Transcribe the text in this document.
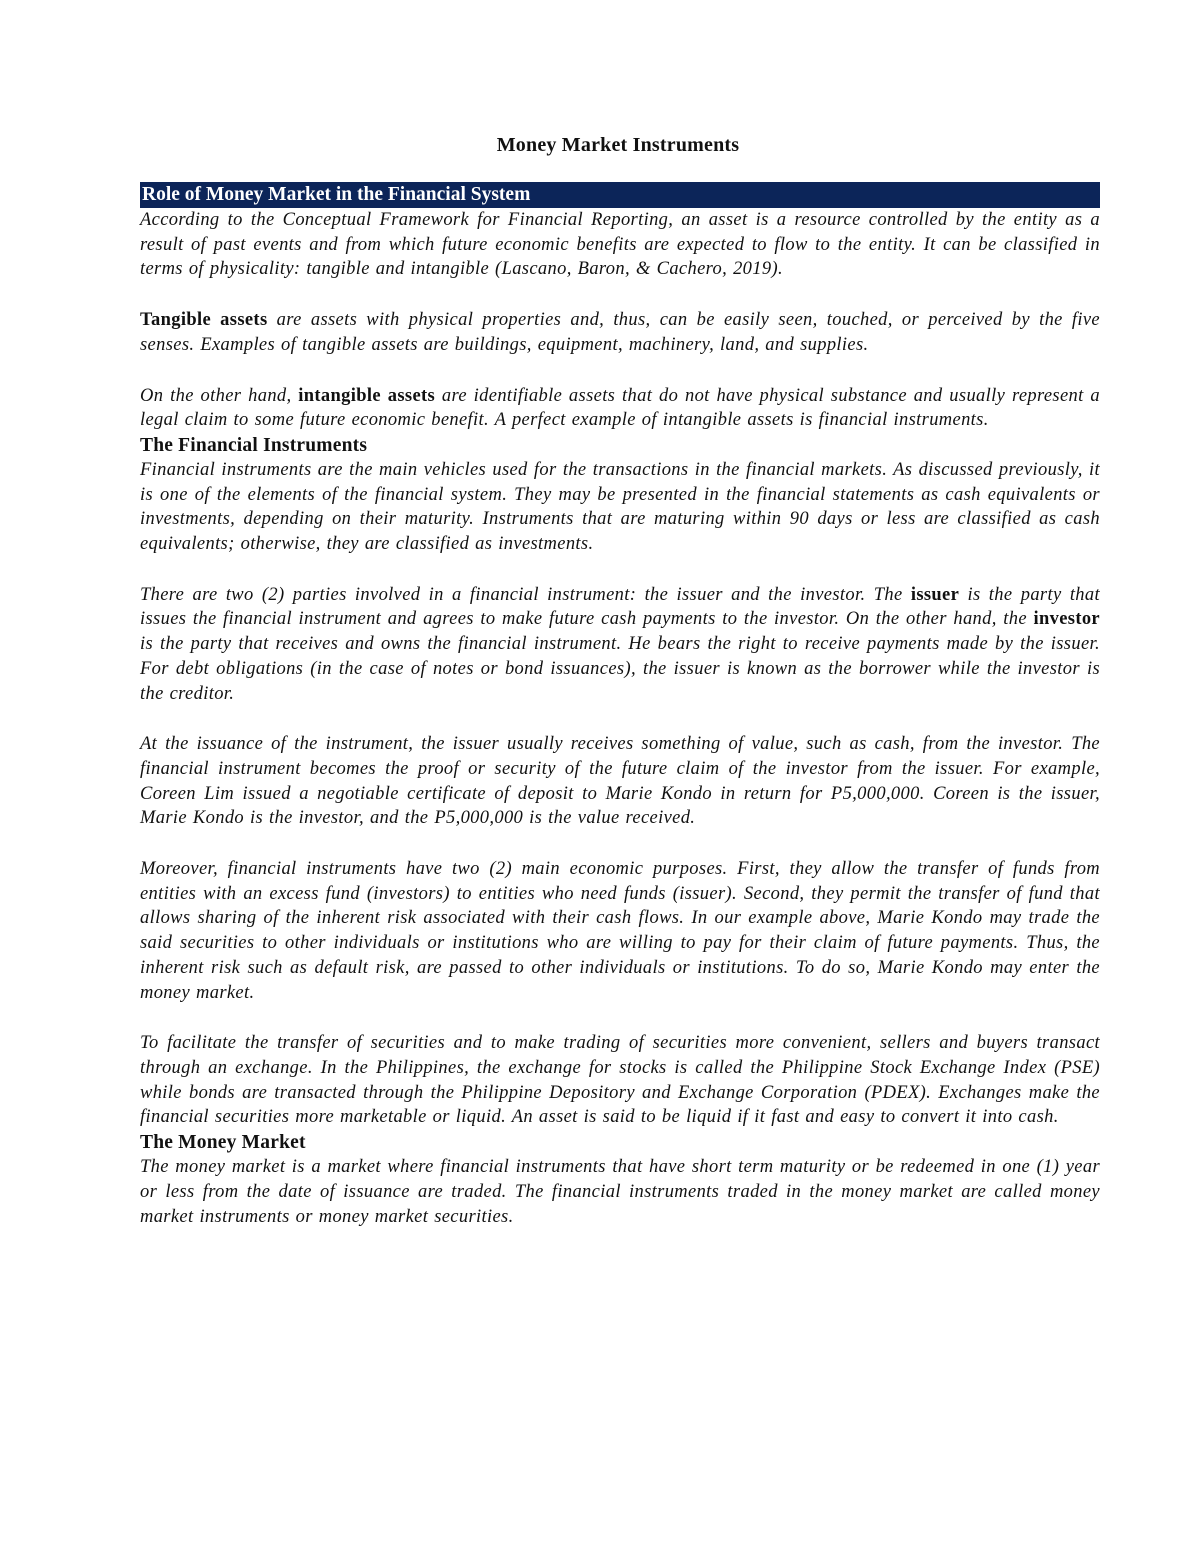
Money Market Instruments
Role of Money Market in the Financial System

According to the Conceptual Framework for Financial Reporting, an asset is a resource controlled by the entity as a result of past events and from which future economic benefits are expected to flow to the entity. It can be classified in terms of physicality: tangible and intangible (Lascano, Baron, & Cachero, 2019).

Tangible assets are assets with physical properties and, thus, can be easily seen, touched, or perceived by the five senses. Examples of tangible assets are buildings, equipment, machinery, land, and supplies.

On the other hand, intangible assets are identifiable assets that do not have physical substance and usually represent a legal claim to some future economic benefit. A perfect example of intangible assets is financial instruments.

The Financial Instruments

Financial instruments are the main vehicles used for the transactions in the financial markets. As discussed previously, it is one of the elements of the financial system. They may be presented in the financial statements as cash equivalents or investments, depending on their maturity. Instruments that are maturing within 90 days or less are classified as cash equivalents; otherwise, they are classified as investments.

There are two (2) parties involved in a financial instrument: the issuer and the investor. The issuer is the party that issues the financial instrument and agrees to make future cash payments to the investor. On the other hand, the investor is the party that receives and owns the financial instrument. He bears the right to receive payments made by the issuer. For debt obligations (in the case of notes or bond issuances), the issuer is known as the borrower while the investor is the creditor.

At the issuance of the instrument, the issuer usually receives something of value, such as cash, from the investor. The financial instrument becomes the proof or security of the future claim of the investor from the issuer. For example, Coreen Lim issued a negotiable certificate of deposit to Marie Kondo in return for P5,000,000. Coreen is the issuer, Marie Kondo is the investor, and the P5,000,000 is the value received.

Moreover, financial instruments have two (2) main economic purposes. First, they allow the transfer of funds from entities with an excess fund (investors) to entities who need funds (issuer). Second, they permit the transfer of fund that allows sharing of the inherent risk associated with their cash flows. In our example above, Marie Kondo may trade the said securities to other individuals or institutions who are willing to pay for their claim of future payments. Thus, the inherent risk such as default risk, are passed to other individuals or institutions. To do so, Marie Kondo may enter the money market.

To facilitate the transfer of securities and to make trading of securities more convenient, sellers and buyers transact through an exchange. In the Philippines, the exchange for stocks is called the Philippine Stock Exchange Index (PSE) while bonds are transacted through the Philippine Depository and Exchange Corporation (PDEX). Exchanges make the financial securities more marketable or liquid. An asset is said to be liquid if it fast and easy to convert it into cash.

The Money Market

The money market is a market where financial instruments that have short term maturity or be redeemed in one (1) year or less from the date of issuance are traded. The financial instruments traded in the money market are called money market instruments or money market securities.
